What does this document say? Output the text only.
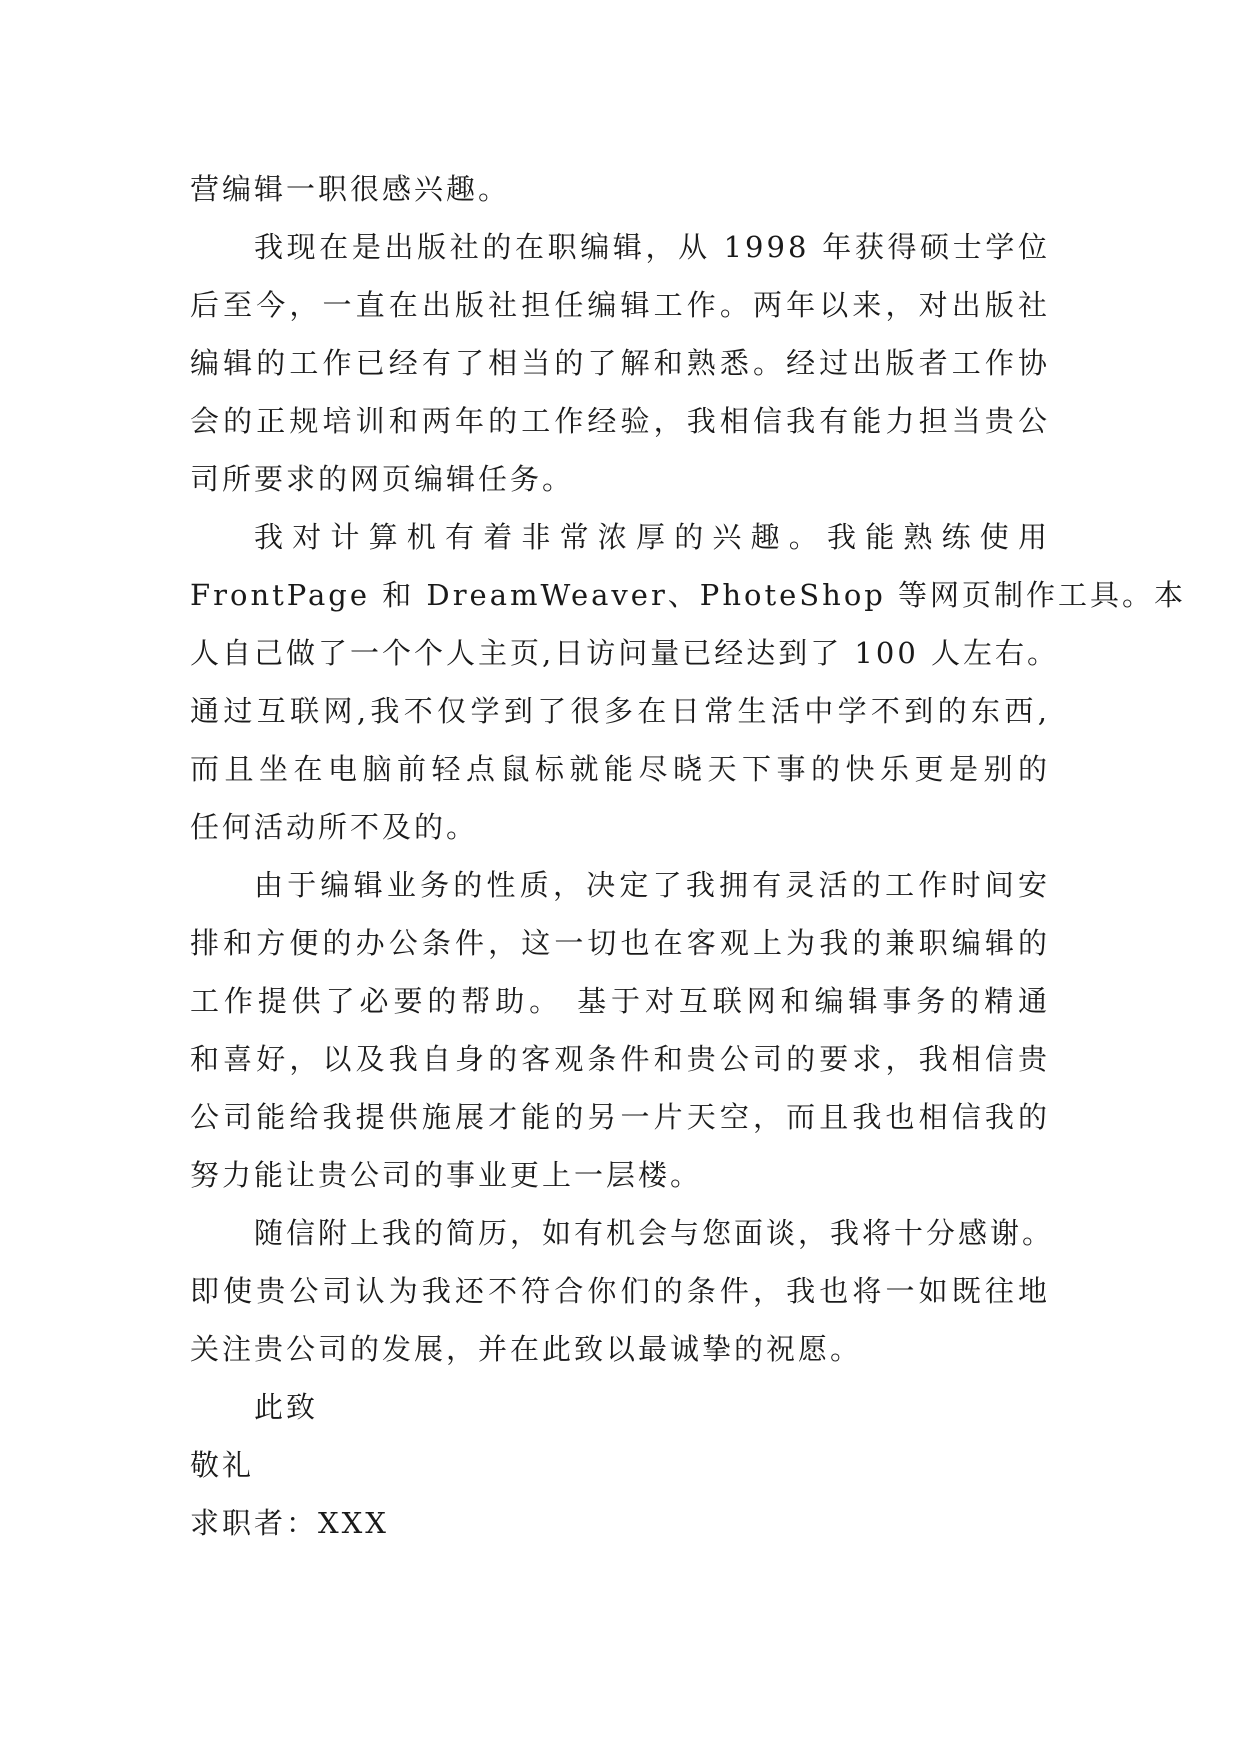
营编辑一职很感兴趣。

我现在是出版社的在职编辑，从 1998 年获得硕士学位
后至今，一直在出版社担任编辑工作。两年以来，对出版社
编辑的工作已经有了相当的了解和熟悉。经过出版者工作协
会的正规培训和两年的工作经验，我相信我有能力担当贵公
司所要求的网页编辑任务。

我对计算机有着非常浓厚的兴趣。我能熟练使用
FrontPage 和 DreamWeaver、PhoteShop 等网页制作工具。本
人自己做了一个个人主页,日访问量已经达到了 100 人左右。
通过互联网,我不仅学到了很多在日常生活中学不到的东西,
而且坐在电脑前轻点鼠标就能尽晓天下事的快乐更是别的
任何活动所不及的。

由于编辑业务的性质，决定了我拥有灵活的工作时间安
排和方便的办公条件，这一切也在客观上为我的兼职编辑的
工作提供了必要的帮助。 基于对互联网和编辑事务的精通
和喜好，以及我自身的客观条件和贵公司的要求，我相信贵
公司能给我提供施展才能的另一片天空，而且我也相信我的
努力能让贵公司的事业更上一层楼。

随信附上我的简历，如有机会与您面谈，我将十分感谢。
即使贵公司认为我还不符合你们的条件，我也将一如既往地
关注贵公司的发展，并在此致以最诚挚的祝愿。

此致

敬礼

求职者：XXX
